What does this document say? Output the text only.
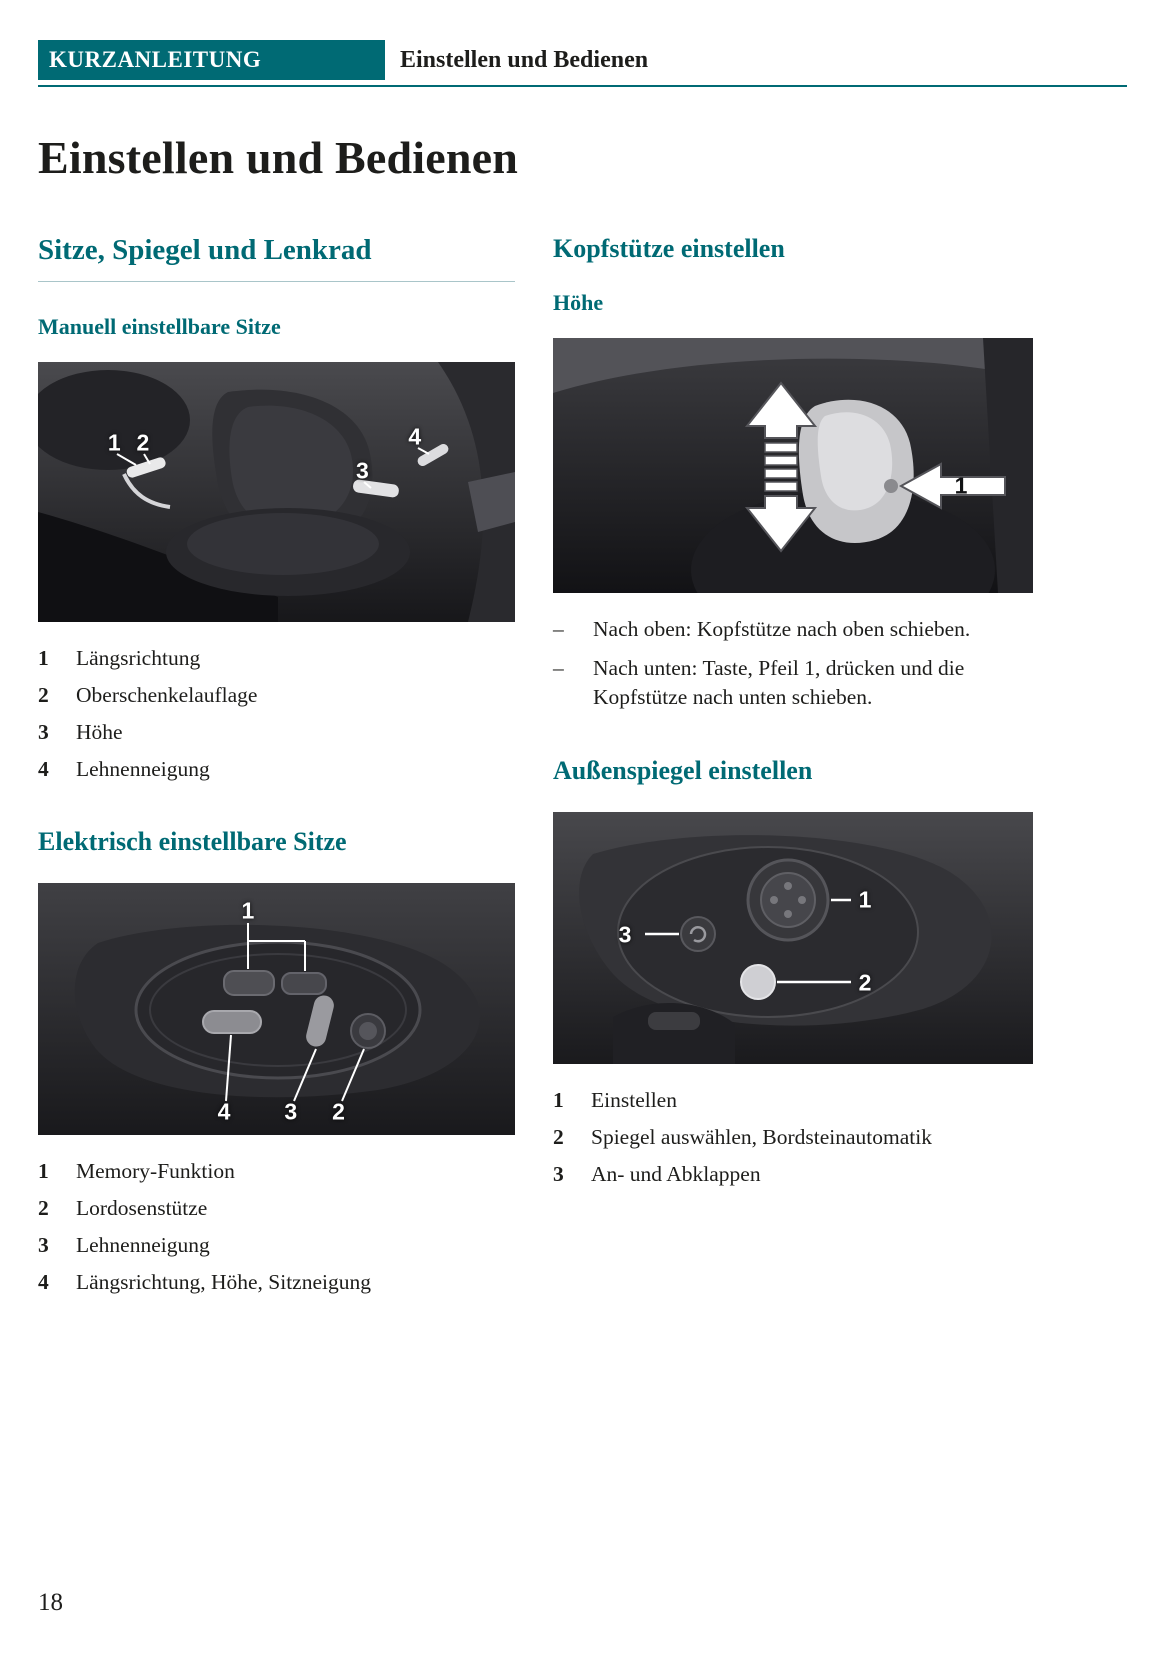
KURZANLEITUNG	Einstellen und Bedienen
Einstellen und Bedienen
Sitze, Spiegel und Lenkrad
Manuell einstellbare Sitze
1 2
3
4
1	Längsrichtung
2	Oberschenkelauflage
3	Höhe
4	Lehnenneigung
Elektrisch einstellbare Sitze
1
4 3 2
1	Memory-Funktion
2	Lordosenstütze
3	Lehnenneigung
4	Längsrichtung, Höhe, Sitzneigung
Kopfstütze einstellen
Höhe
1
–	Nach oben: Kopfstütze nach oben schieben.
–	Nach unten: Taste, Pfeil 1, drücken und die Kopfstütze nach unten schieben.
Außenspiegel einstellen
1
3
2
1	Einstellen
2	Spiegel auswählen, Bordsteinautomatik
3	An- und Abklappen
18
